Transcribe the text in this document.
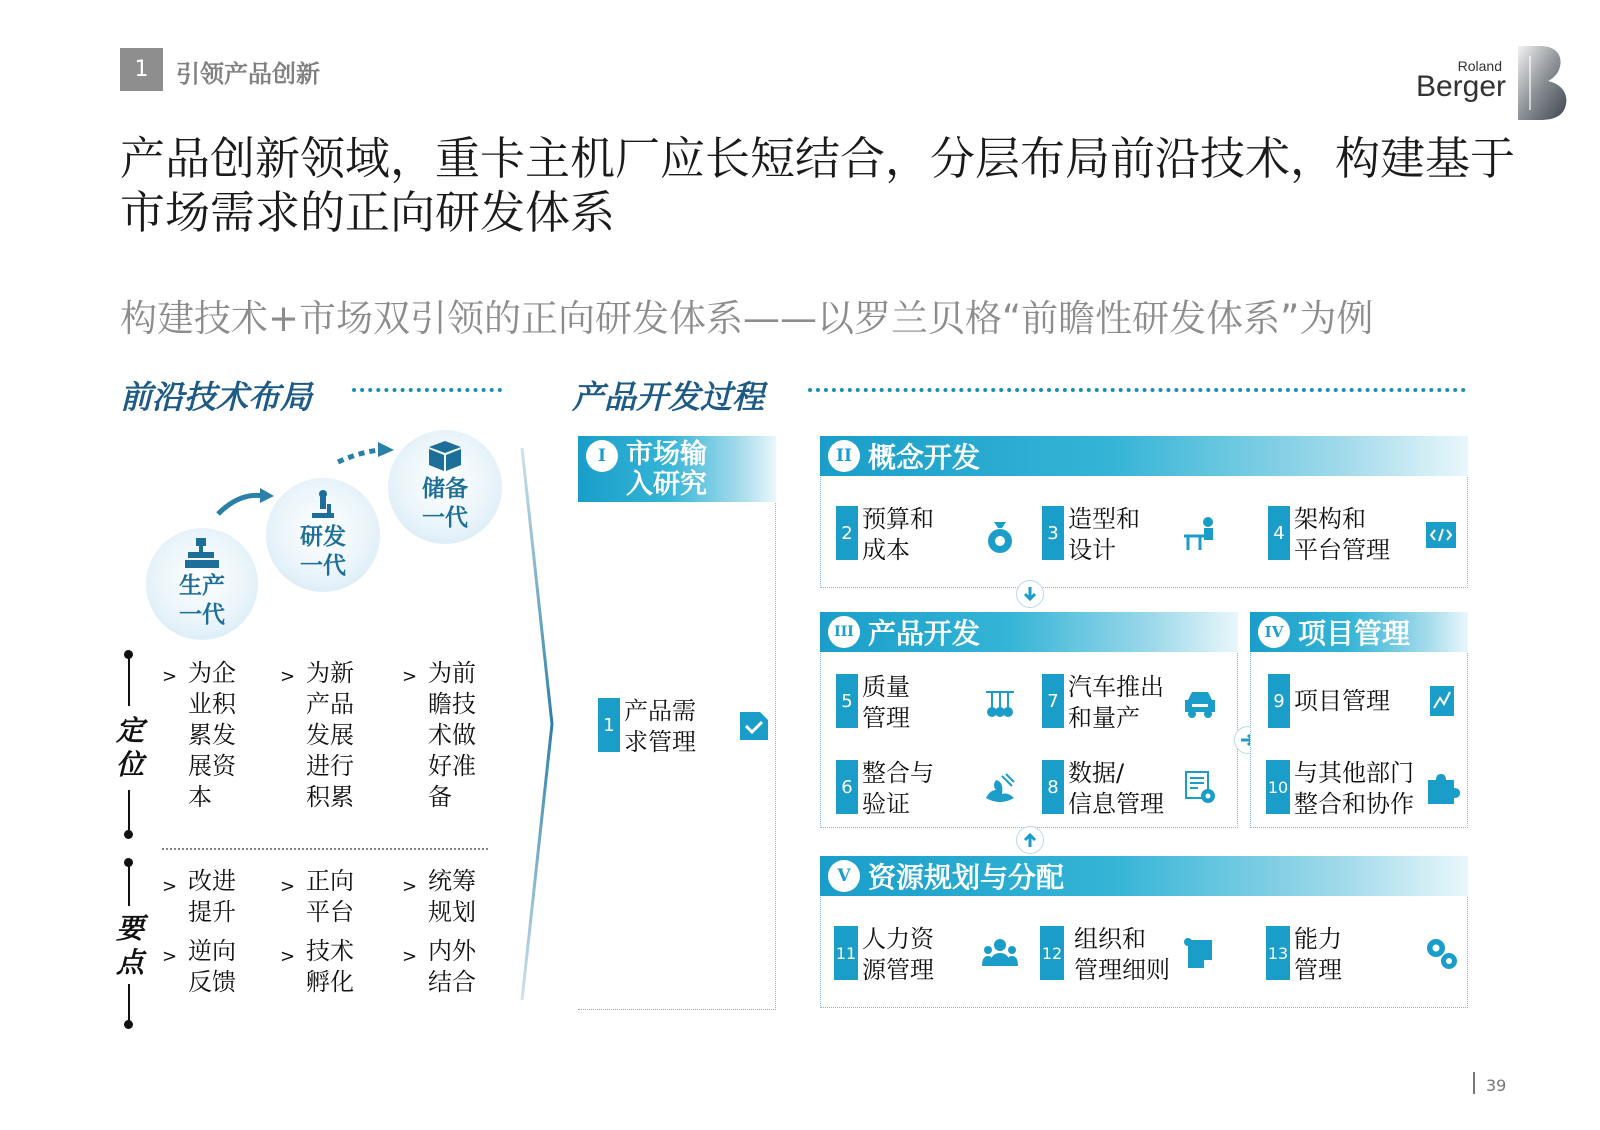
1	引领产品创新	Roland
Berger
产品创新领域，重卡主机厂应长短结合，分层布局前沿技术，构建基于市场需求的正向研发体系
构建技术+市场双引领的正向研发体系——以罗兰贝格“前瞻性研发体系”为例
前沿技术布局
生产
一代
研发
一代
储备
一代
定
位
> 为企
业积
累发
展资
本
> 为新
产品
发展
进行
积累
> 为前
瞻技
术做
好准
备
要
点
> 改进
提升
> 正向
平台
> 统筹
规划
> 逆向
反馈
> 技术
孵化
> 内外
结合
产品开发过程
I 市场输
入研究
1 产品需
求管理
II 概念开发
2 预算和
成本
3 造型和
设计
4 架构和
平台管理
III 产品开发
5 质量
管理
7 汽车推出
和量产
6 整合与
验证
8 数据/
信息管理
IV 项目管理
9 项目管理
10 与其他部门
整合和协作
V 资源规划与分配
11 人力资
源管理
12 组织和
管理细则
13 能力
管理
39
